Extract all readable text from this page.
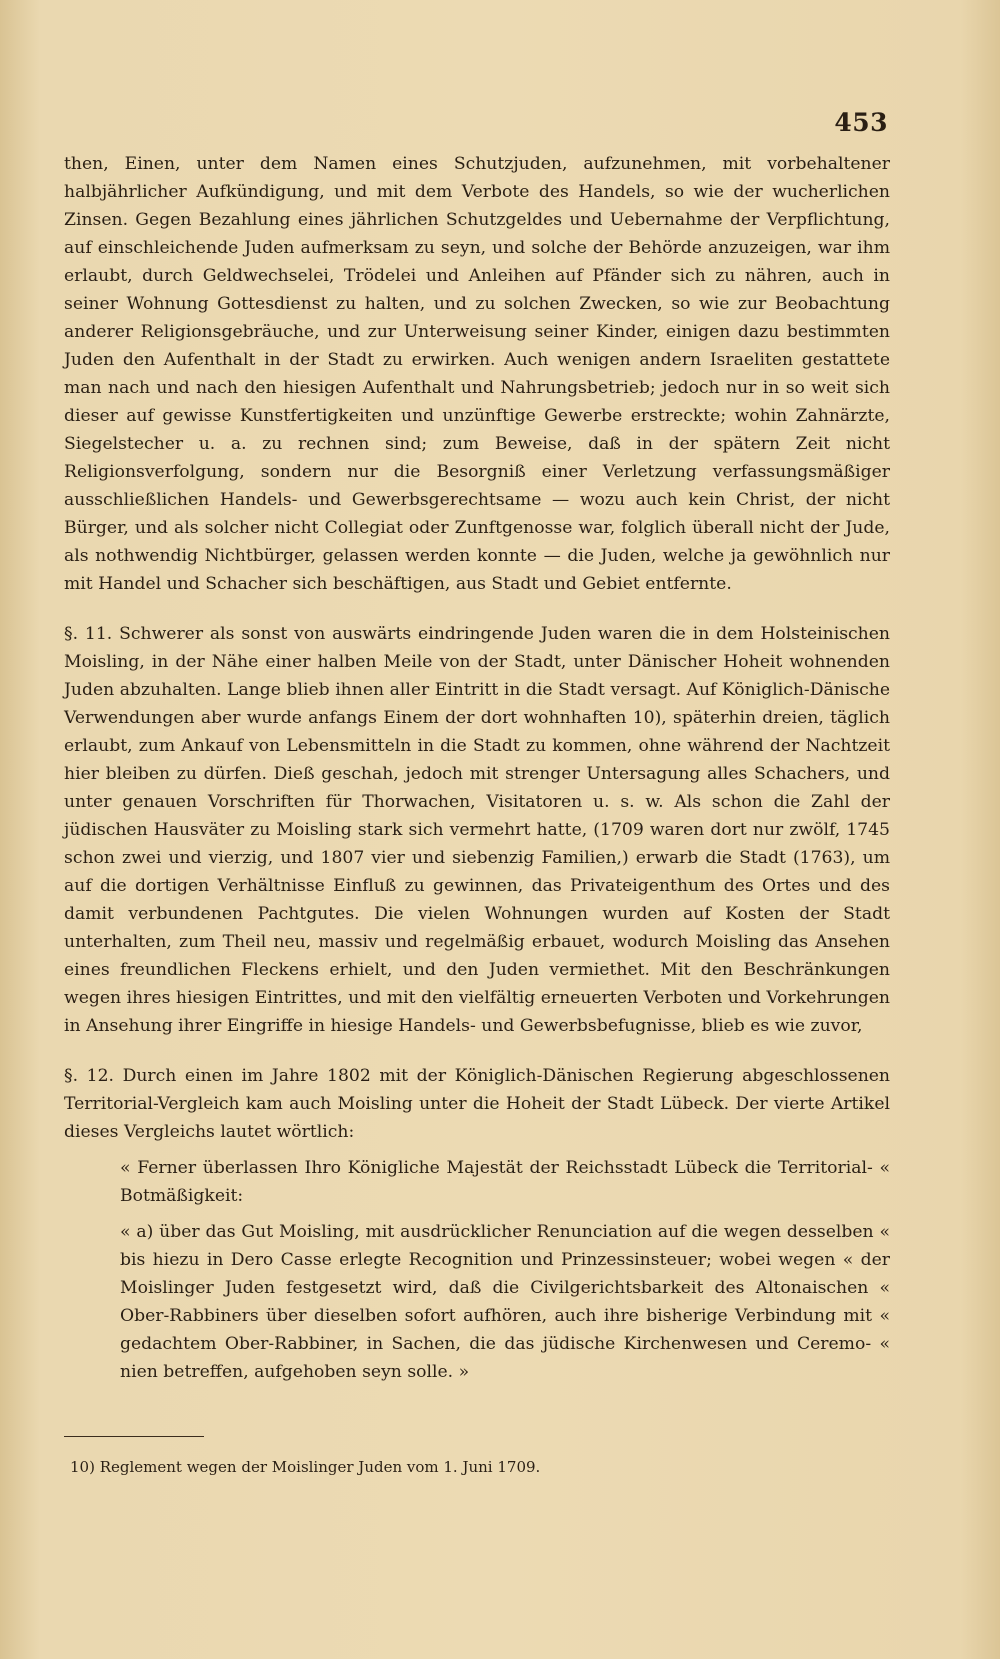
453

then, Einen, unter dem Namen eines Schutzjuden, aufzunehmen, mit vorbehaltener halbjährlicher Aufkündigung, und mit dem Verbote des Handels, so wie der wucherlichen Zinsen. Gegen Bezahlung eines jährlichen Schutzgeldes und Uebernahme der Verpflichtung, auf einschleichende Juden aufmerksam zu seyn, und solche der Behörde anzuzeigen, war ihm erlaubt, durch Geldwechselei, Trödelei und Anleihen auf Pfänder sich zu nähren, auch in seiner Wohnung Gottesdienst zu halten, und zu solchen Zwecken, so wie zur Beobachtung anderer Religionsgebräuche, und zur Unterweisung seiner Kinder, einigen dazu bestimmten Juden den Aufenthalt in der Stadt zu erwirken. Auch wenigen andern Israeliten gestattete man nach und nach den hiesigen Aufenthalt und Nahrungsbetrieb; jedoch nur in so weit sich dieser auf gewisse Kunstfertigkeiten und unzünftige Gewerbe erstreckte; wohin Zahnärzte, Siegelstecher u. a. zu rechnen sind; zum Beweise, daß in der spätern Zeit nicht Religionsverfolgung, sondern nur die Besorgniß einer Verletzung verfassungsmäßiger ausschließlichen Handels- und Gewerbsgerechtsame — wozu auch kein Christ, der nicht Bürger, und als solcher nicht Collegiat oder Zunftgenosse war, folglich überall nicht der Jude, als nothwendig Nichtbürger, gelassen werden konnte — die Juden, welche ja gewöhnlich nur mit Handel und Schacher sich beschäftigen, aus Stadt und Gebiet entfernte.

§. 11. Schwerer als sonst von auswärts eindringende Juden waren die in dem Holsteinischen Moisling, in der Nähe einer halben Meile von der Stadt, unter Dänischer Hoheit wohnenden Juden abzuhalten. Lange blieb ihnen aller Eintritt in die Stadt versagt. Auf Königlich-Dänische Verwendungen aber wurde anfangs Einem der dort wohnhaften 10), späterhin dreien, täglich erlaubt, zum Ankauf von Lebensmitteln in die Stadt zu kommen, ohne während der Nachtzeit hier bleiben zu dürfen. Dieß geschah, jedoch mit strenger Untersagung alles Schachers, und unter genauen Vorschriften für Thorwachen, Visitatoren u. s. w. Als schon die Zahl der jüdischen Hausväter zu Moisling stark sich vermehrt hatte, (1709 waren dort nur zwölf, 1745 schon zwei und vierzig, und 1807 vier und siebenzig Familien,) erwarb die Stadt (1763), um auf die dortigen Verhältnisse Einfluß zu gewinnen, das Privateigenthum des Ortes und des damit verbundenen Pachtgutes. Die vielen Wohnungen wurden auf Kosten der Stadt unterhalten, zum Theil neu, massiv und regelmäßig erbauet, wodurch Moisling das Ansehen eines freundlichen Fleckens erhielt, und den Juden vermiethet. Mit den Beschränkungen wegen ihres hiesigen Eintrittes, und mit den vielfältig erneuerten Verboten und Vorkehrungen in Ansehung ihrer Eingriffe in hiesige Handels- und Gewerbsbefugnisse, blieb es wie zuvor,

§. 12. Durch einen im Jahre 1802 mit der Königlich-Dänischen Regierung abgeschlossenen Territorial-Vergleich kam auch Moisling unter die Hoheit der Stadt Lübeck. Der vierte Artikel dieses Vergleichs lautet wörtlich:

« Ferner überlassen Ihro Königliche Majestät der Reichsstadt Lübeck die Territorial- « Botmäßigkeit:

« a) über das Gut Moisling, mit ausdrücklicher Renunciation auf die wegen desselben « bis hiezu in Dero Casse erlegte Recognition und Prinzessinsteuer; wobei wegen « der Moislinger Juden festgesetzt wird, daß die Civilgerichtsbarkeit des Altonaischen « Ober-Rabbiners über dieselben sofort aufhören, auch ihre bisherige Verbindung mit « gedachtem Ober-Rabbiner, in Sachen, die das jüdische Kirchenwesen und Ceremo- « nien betreffen, aufgehoben seyn solle. »

10) Reglement wegen der Moislinger Juden vom 1. Juni 1709.
